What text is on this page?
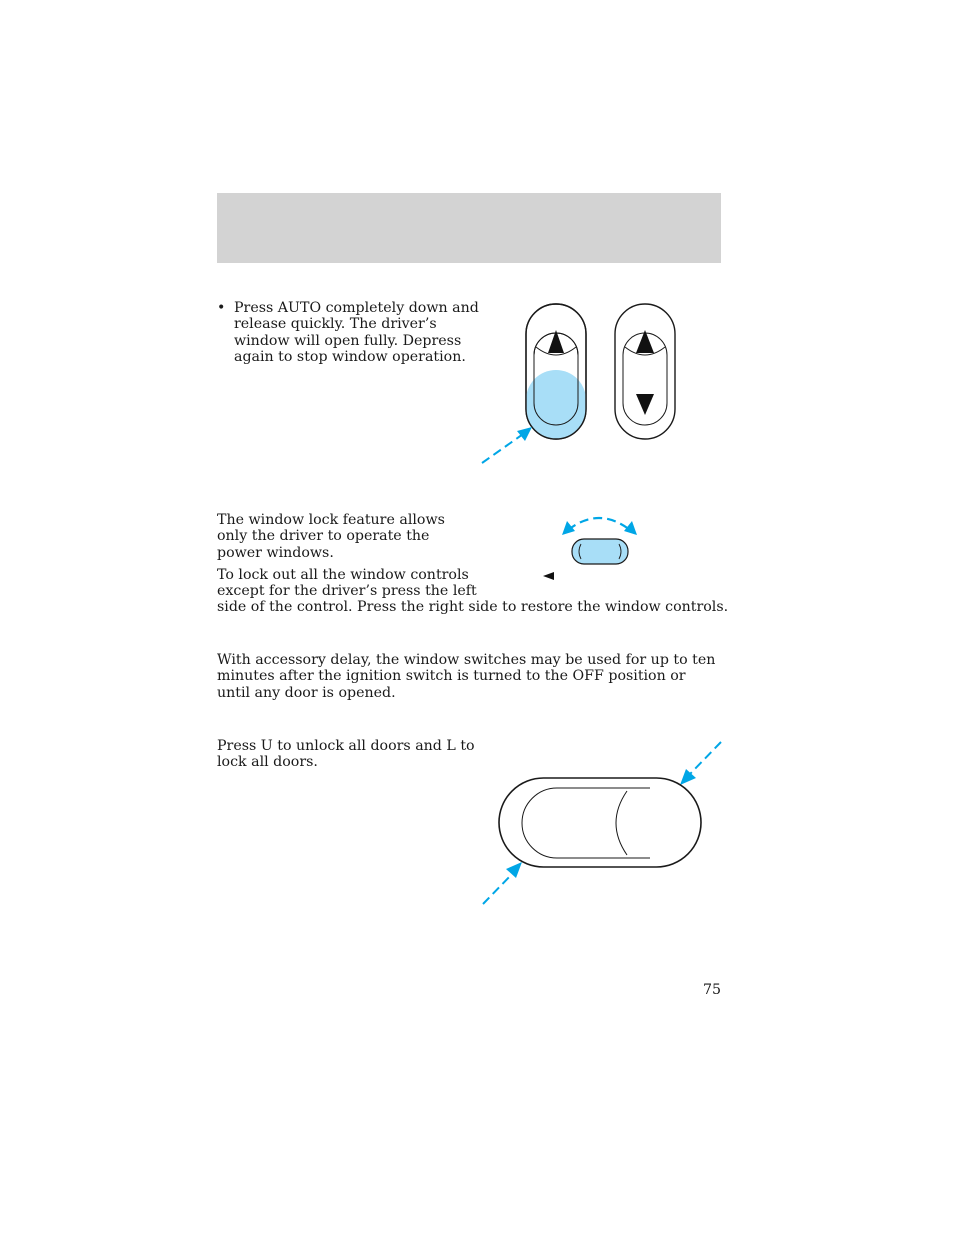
• Press AUTO completely down and release quickly. The driver’s window will open fully. Depress again to stop window operation.

The window lock feature allows only the driver to operate the power windows.

To lock out all the window controls

except for the driver’s press the left

side of the control. Press the right side to restore the window controls.

With accessory delay, the window switches may be used for up to ten minutes after the ignition switch is turned to the OFF position or until any door is opened.

Press U to unlock all doors and L to lock all doors.

75
